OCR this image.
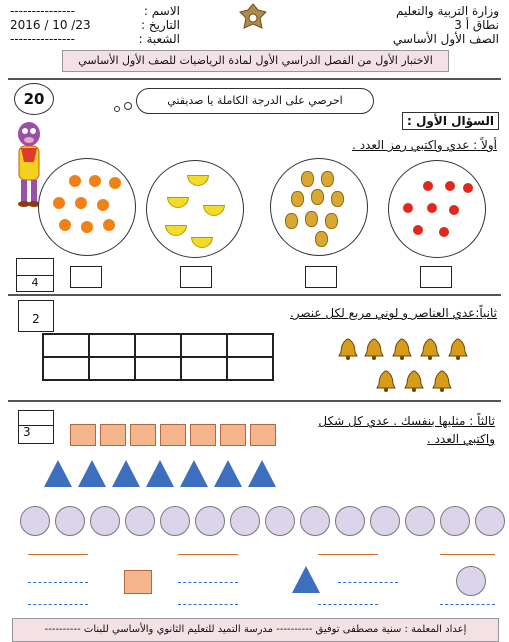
وزارة التربية والتعليم
نطاق أ 3
الصف الأول الأساسي
الاسم :
---------------
التاريخ :
2016 / 10 /23
الشعبة :
---------------
الاختبار الأول من الفصل الدراسي الأول لمادة الرياضيات للصف الأول الأساسي
20	احرصي على الدرجة الكاملة يا صديقتي
السؤال الأول :
أولاً : عدي واكتبي رمز العدد .
4
2	ثانياً:عدي العناصر و لوني مربع لكل عنصر.
3
ثالثاً : مثليها بنفسك . عدي كل شكل
واكتبي العدد .
إعداد المعلمة : سنية مصطفى توفيق ---------- مدرسة التميد للتعليم الثانوي والأساسي للبنات ----------
